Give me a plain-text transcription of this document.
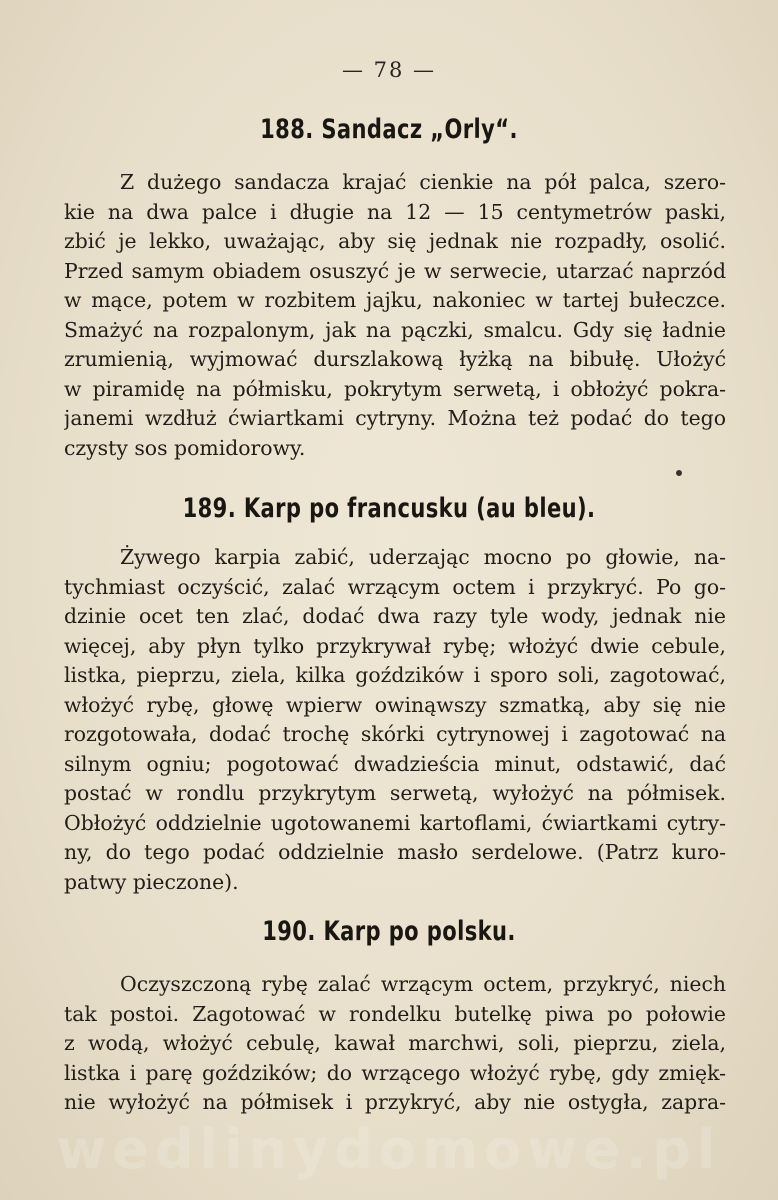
— 78 —
188. Sandacz „Orly“.
Z dużego sandacza krajać cienkie na pół palca, szero-
kie na dwa palce i długie na 12 — 15 centymetrów paski,
zbić je lekko, uważając, aby się jednak nie rozpadły, osolić.
Przed samym obiadem osuszyć je w serwecie, utarzać naprzód
w mące, potem w rozbitem jajku, nakoniec w tartej bułeczce.
Smażyć na rozpalonym, jak na pączki, smalcu. Gdy się ładnie
zrumienią, wyjmować durszlakową łyżką na bibułę. Ułożyć
w piramidę na półmisku, pokrytym serwetą, i obłożyć pokra-
janemi wzdłuż ćwiartkami cytryny. Można też podać do tego
czysty sos pomidorowy.
189. Karp po francusku (au bleu).
Żywego karpia zabić, uderzając mocno po głowie, na-
tychmiast oczyścić, zalać wrzącym octem i przykryć. Po go-
dzinie ocet ten zlać, dodać dwa razy tyle wody, jednak nie
więcej, aby płyn tylko przykrywał rybę; włożyć dwie cebule,
listka, pieprzu, ziela, kilka goździków i sporo soli, zagotować,
włożyć rybę, głowę wpierw owinąwszy szmatką, aby się nie
rozgotowała, dodać trochę skórki cytrynowej i zagotować na
silnym ogniu; pogotować dwadzieścia minut, odstawić, dać
postać w rondlu przykrytym serwetą, wyłożyć na półmisek.
Obłożyć oddzielnie ugotowanemi kartoflami, ćwiartkami cytry-
ny, do tego podać oddzielnie masło serdelowe. (Patrz kuro-
patwy pieczone).
190. Karp po polsku.
Oczyszczoną rybę zalać wrzącym octem, przykryć, niech
tak postoi. Zagotować w rondelku butelkę piwa po połowie
z wodą, włożyć cebulę, kawał marchwi, soli, pieprzu, ziela,
listka i parę goździków; do wrzącego włożyć rybę, gdy zmięk-
nie wyłożyć na półmisek i przykryć, aby nie ostygła, zapra-
wedlinydomowe.pl
